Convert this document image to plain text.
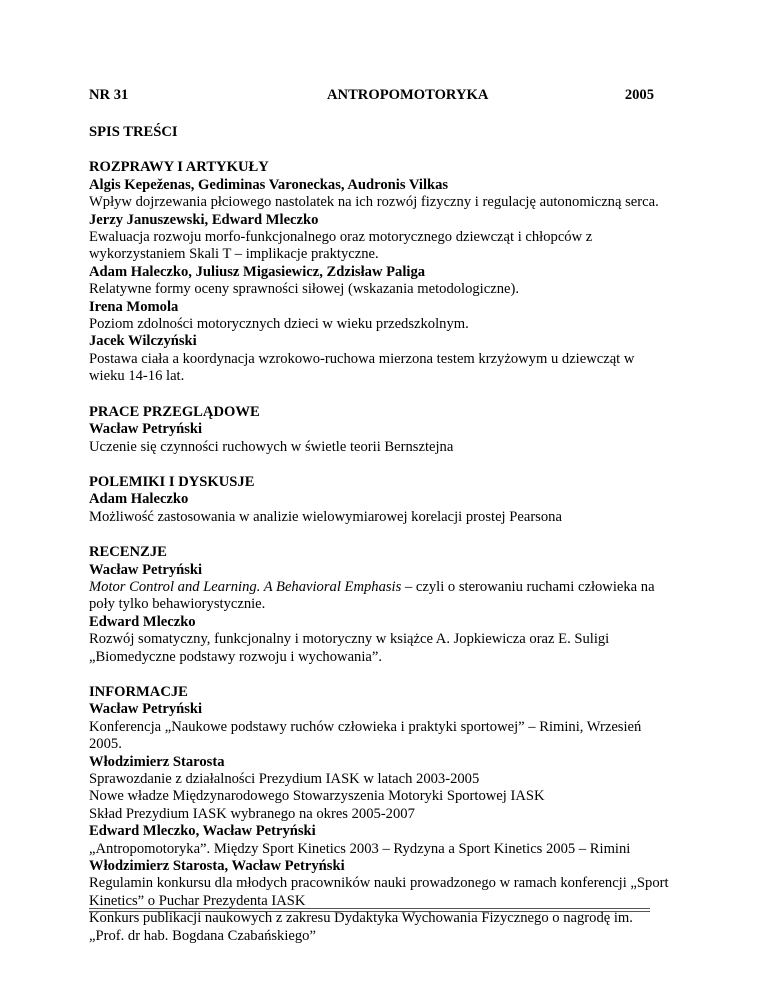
NR 31	ANTROPOMOTORYKA	2005
SPIS TREŚCI
ROZPRAWY I ARTYKUŁY
Algis Kepeženas, Gediminas Varoneckas, Audronis Vilkas
Wpływ dojrzewania płciowego nastolatek na ich rozwój fizyczny i regulację autonomiczną serca.
Jerzy Januszewski, Edward Mleczko
Ewaluacja rozwoju morfo-funkcjonalnego oraz motorycznego dziewcząt i chłopców z wykorzystaniem Skali T – implikacje praktyczne.
Adam Haleczko, Juliusz Migasiewicz, Zdzisław Paliga
Relatywne formy oceny sprawności siłowej (wskazania metodologiczne).
Irena Momola
Poziom zdolności motorycznych dzieci w wieku przedszkolnym.
Jacek Wilczyński
Postawa ciała a koordynacja wzrokowo-ruchowa mierzona testem krzyżowym u dziewcząt w wieku 14-16 lat.
PRACE PRZEGLĄDOWE
Wacław Petryński
Uczenie się czynności ruchowych w świetle teorii Bernsztejna
POLEMIKI I DYSKUSJE
Adam Haleczko
Możliwość zastosowania w analizie wielowymiarowej korelacji prostej Pearsona
RECENZJE
Wacław Petryński
Motor Control and Learning. A Behavioral Emphasis – czyli o sterowaniu ruchami człowieka na poły tylko behawiorystycznie.
Edward Mleczko
Rozwój somatyczny, funkcjonalny i motoryczny w książce A. Jopkiewicza oraz E. Suligi „Biomedyczne podstawy rozwoju i wychowania”.
INFORMACJE
Wacław Petryński
Konferencja „Naukowe podstawy ruchów człowieka i praktyki sportowej” – Rimini, Wrzesień 2005.
Włodzimierz Starosta
Sprawozdanie z działalności Prezydium IASK w latach 2003-2005
Nowe władze Międzynarodowego Stowarzyszenia Motoryki Sportowej IASK
Skład Prezydium IASK wybranego na okres 2005-2007
Edward Mleczko, Wacław Petryński
„Antropomotoryka”. Między Sport Kinetics 2003 – Rydzyna a Sport Kinetics 2005 – Rimini
Włodzimierz Starosta, Wacław Petryński
Regulamin konkursu dla młodych pracowników nauki prowadzonego w ramach konferencji „Sport Kinetics” o Puchar Prezydenta IASK
Konkurs publikacji naukowych z zakresu Dydaktyka Wychowania Fizycznego o nagrodę im. „Prof. dr hab. Bogdana Czabańskiego”
